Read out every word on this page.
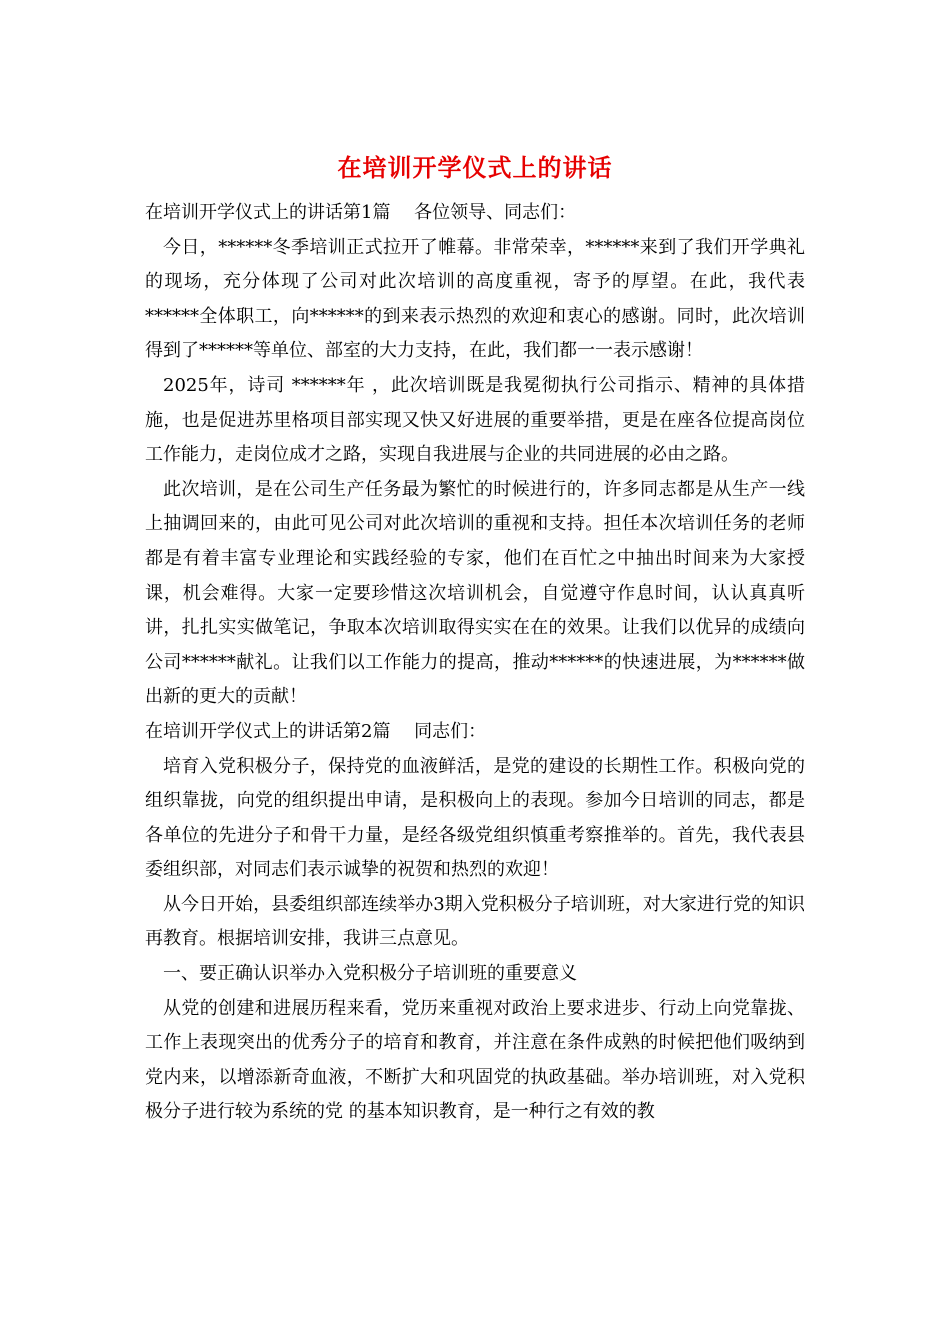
在培训开学仪式上的讲话

在培训开学仪式上的讲话第1篇　 各位领导、同志们：

今日，******冬季培训正式拉开了帷幕。非常荣幸，******来到了我们开学典礼的现场，充分体现了公司对此次培训的高度重视，寄予的厚望。在此，我代表******全体职工，向******的到来表示热烈的欢迎和衷心的感谢。同时，此次培训得到了******等单位、部室的大力支持，在此，我们都一一表示感谢！

2025年，诗司 ******年 ，此次培训既是我冕彻执行公司指示、精神的具体措施，也是促进苏里格项目部实现又快又好进展的重要举措，更是在座各位提高岗位工作能力，走岗位成才之路，实现自我进展与企业的共同进展的必由之路。

此次培训，是在公司生产任务最为繁忙的时候进行的，许多同志都是从生产一线上抽调回来的，由此可见公司对此次培训的重视和支持。担任本次培训任务的老师都是有着丰富专业理论和实践经验的专家，他们在百忙之中抽出时间来为大家授课，机会难得。大家一定要珍惜这次培训机会，自觉遵守作息时间，认认真真听讲，扎扎实实做笔记，争取本次培训取得实实在在的效果。让我们以优异的成绩向公司******献礼。让我们以工作能力的提高，推动******的快速进展，为******做出新的更大的贡献！

在培训开学仪式上的讲话第2篇　 同志们：

培育入党积极分子，保持党的血液鲜活，是党的建设的长期性工作。积极向党的组织靠拢，向党的组织提出申请，是积极向上的表现。参加今日培训的同志，都是各单位的先进分子和骨干力量，是经各级党组织慎重考察推举的。首先，我代表县委组织部，对同志们表示诚挚的祝贺和热烈的欢迎！

从今日开始，县委组织部连续举办3期入党积极分子培训班，对大家进行党的知识再教育。根据培训安排，我讲三点意见。

一、要正确认识举办入党积极分子培训班的重要意义

从党的创建和进展历程来看，党历来重视对政治上要求进步、行动上向党靠拢、工作上表现突出的优秀分子的培育和教育，并注意在条件成熟的时候把他们吸纳到党内来，以增添新奇血液，不断扩大和巩固党的执政基础。举办培训班，对入党积极分子进行较为系统的党 的基本知识教育，是一种行之有效的教
